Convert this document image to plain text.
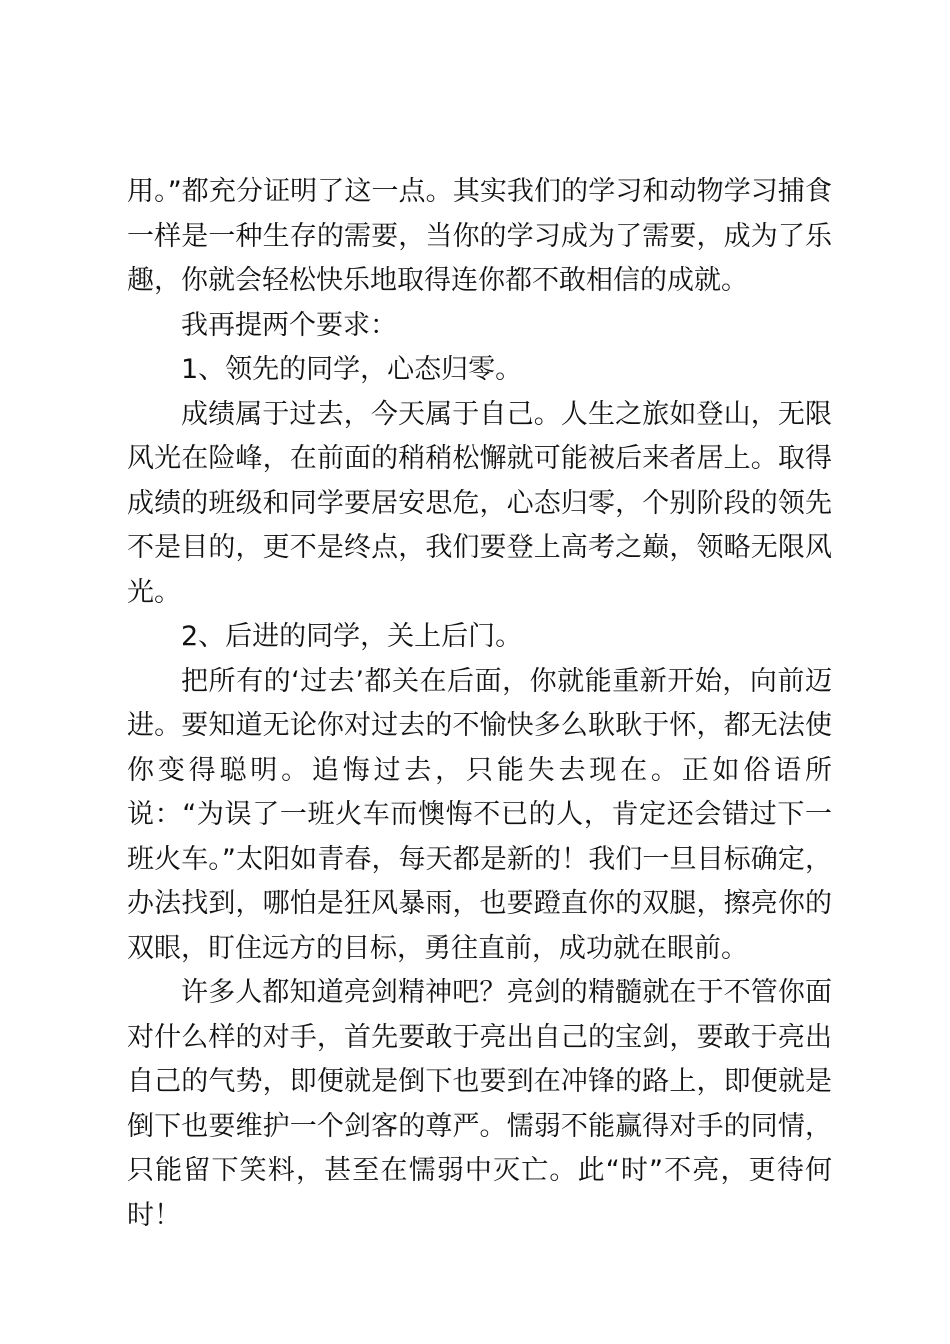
用。”都充分证明了这一点。其实我们的学习和动物学习捕食一样是一种生存的需要，当你的学习成为了需要，成为了乐趣，你就会轻松快乐地取得连你都不敢相信的成就。

我再提两个要求：

1、领先的同学，心态归零。

成绩属于过去，今天属于自己。人生之旅如登山，无限风光在险峰，在前面的稍稍松懈就可能被后来者居上。取得成绩的班级和同学要居安思危，心态归零，个别阶段的领先不是目的，更不是终点，我们要登上高考之巅，领略无限风光。

2、后进的同学，关上后门。

把所有的‘过去’都关在后面，你就能重新开始，向前迈进。要知道无论你对过去的不愉快多么耿耿于怀，都无法使你变得聪明。追悔过去，只能失去现在。正如俗语所说：“为误了一班火车而懊悔不已的人，肯定还会错过下一班火车。”太阳如青春，每天都是新的！我们一旦目标确定，办法找到，哪怕是狂风暴雨，也要蹬直你的双腿，擦亮你的双眼，盯住远方的目标，勇往直前，成功就在眼前。

许多人都知道亮剑精神吧？亮剑的精髓就在于不管你面对什么样的对手，首先要敢于亮出自己的宝剑，要敢于亮出自己的气势，即便就是倒下也要到在冲锋的路上，即便就是倒下也要维护一个剑客的尊严。懦弱不能赢得对手的同情，只能留下笑料，甚至在懦弱中灭亡。此“时”不亮，更待何时！
